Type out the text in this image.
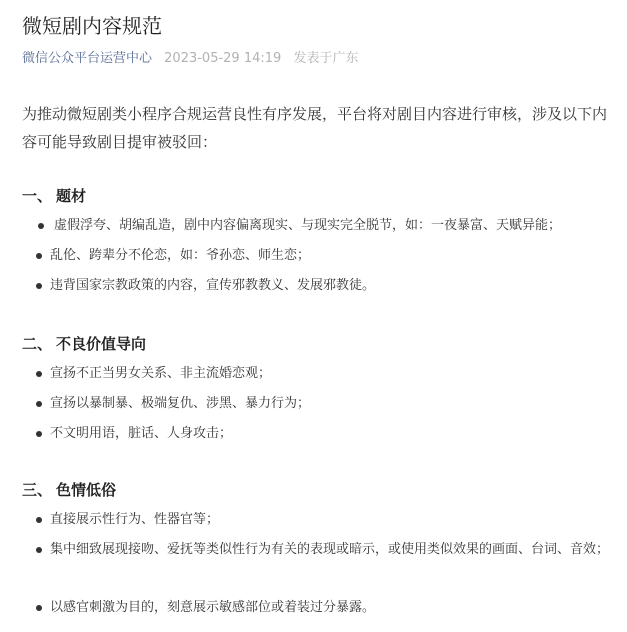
微短剧内容规范
微信公众平台运营中心 2023-05-29 14:19 发表于广东

为推动微短剧类小程序合规运营良性有序发展，平台将对剧目内容进行审核，涉及以下内容可能导致剧目提审被驳回：

一、 题材
虚假浮夸、胡编乱造，剧中内容偏离现实、与现实完全脱节，如：一夜暴富、天赋异能；
乱伦、跨辈分不伦恋，如：爷孙恋、师生恋；
违背国家宗教政策的内容，宣传邪教教义、发展邪教徒。
二、 不良价值导向
宣扬不正当男女关系、非主流婚恋观；
宣扬以暴制暴、极端复仇、涉黑、暴力行为；
不文明用语，脏话、人身攻击；
三、 色情低俗
直接展示性行为、性器官等；
集中细致展现接吻、爱抚等类似性行为有关的表现或暗示，或使用类似效果的画面、台词、音效；
以感官刺激为目的，刻意展示敏感部位或着装过分暴露。
